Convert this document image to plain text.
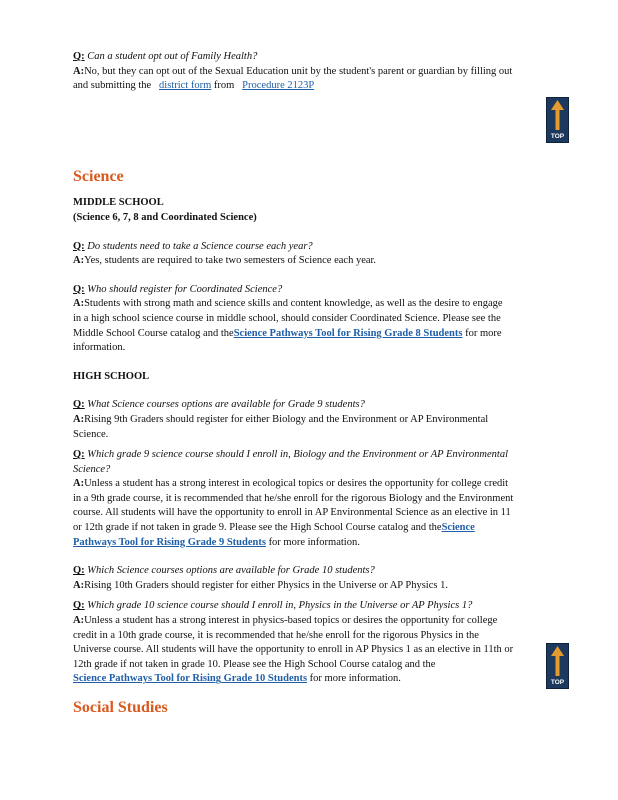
Q: Can a student opt out of Family Health?

A:No, but they can opt out of the Sexual Education unit by the student's parent or guardian by filling out
and submitting the district form from Procedure 2123P

Science

MIDDLE SCHOOL

(Science 6, 7, 8 and Coordinated Science)

Q: Do students need to take a Science course each year?

A:Yes, students are required to take two semesters of Science each year.

Q: Who should register for Coordinated Science?

A:Students with strong math and science skills and content knowledge, as well as the desire to engage
in a high school science course in middle school, should consider Coordinated Science. Please see the
Middle School Course catalog and theScience Pathways Tool for Rising Grade 8 Students for more
information.

HIGH SCHOOL

Q: What Science courses options are available for Grade 9 students?

A:Rising 9th Graders should register for either Biology and the Environment or AP Environmental
Science.

Q: Which grade 9 science course should I enroll in, Biology and the Environment or AP Environmental
Science?

A:Unless a student has a strong interest in ecological topics or desires the opportunity for college credit
in a 9th grade course, it is recommended that he/she enroll for the rigorous Biology and the Environment
course. All students will have the opportunity to enroll in AP Environmental Science as an elective in 11
or 12th grade if not taken in grade 9. Please see the High School Course catalog and theScience
Pathways Tool for Rising Grade 9 Students for more information.

Q: Which Science courses options are available for Grade 10 students?

A:Rising 10th Graders should register for either Physics in the Universe or AP Physics 1.

Q: Which grade 10 science course should I enroll in, Physics in the Universe or AP Physics 1?

A:Unless a student has a strong interest in physics-based topics or desires the opportunity for college
credit in a 10th grade course, it is recommended that he/she enroll for the rigorous Physics in the
Universe course. All students will have the opportunity to enroll in AP Physics 1 as an elective in 11th or
12th grade if not taken in grade 10. Please see the High School Course catalog and the
Science Pathways Tool for Rising Grade 10 Students for more information.

Social Studies
TOP
TOP
